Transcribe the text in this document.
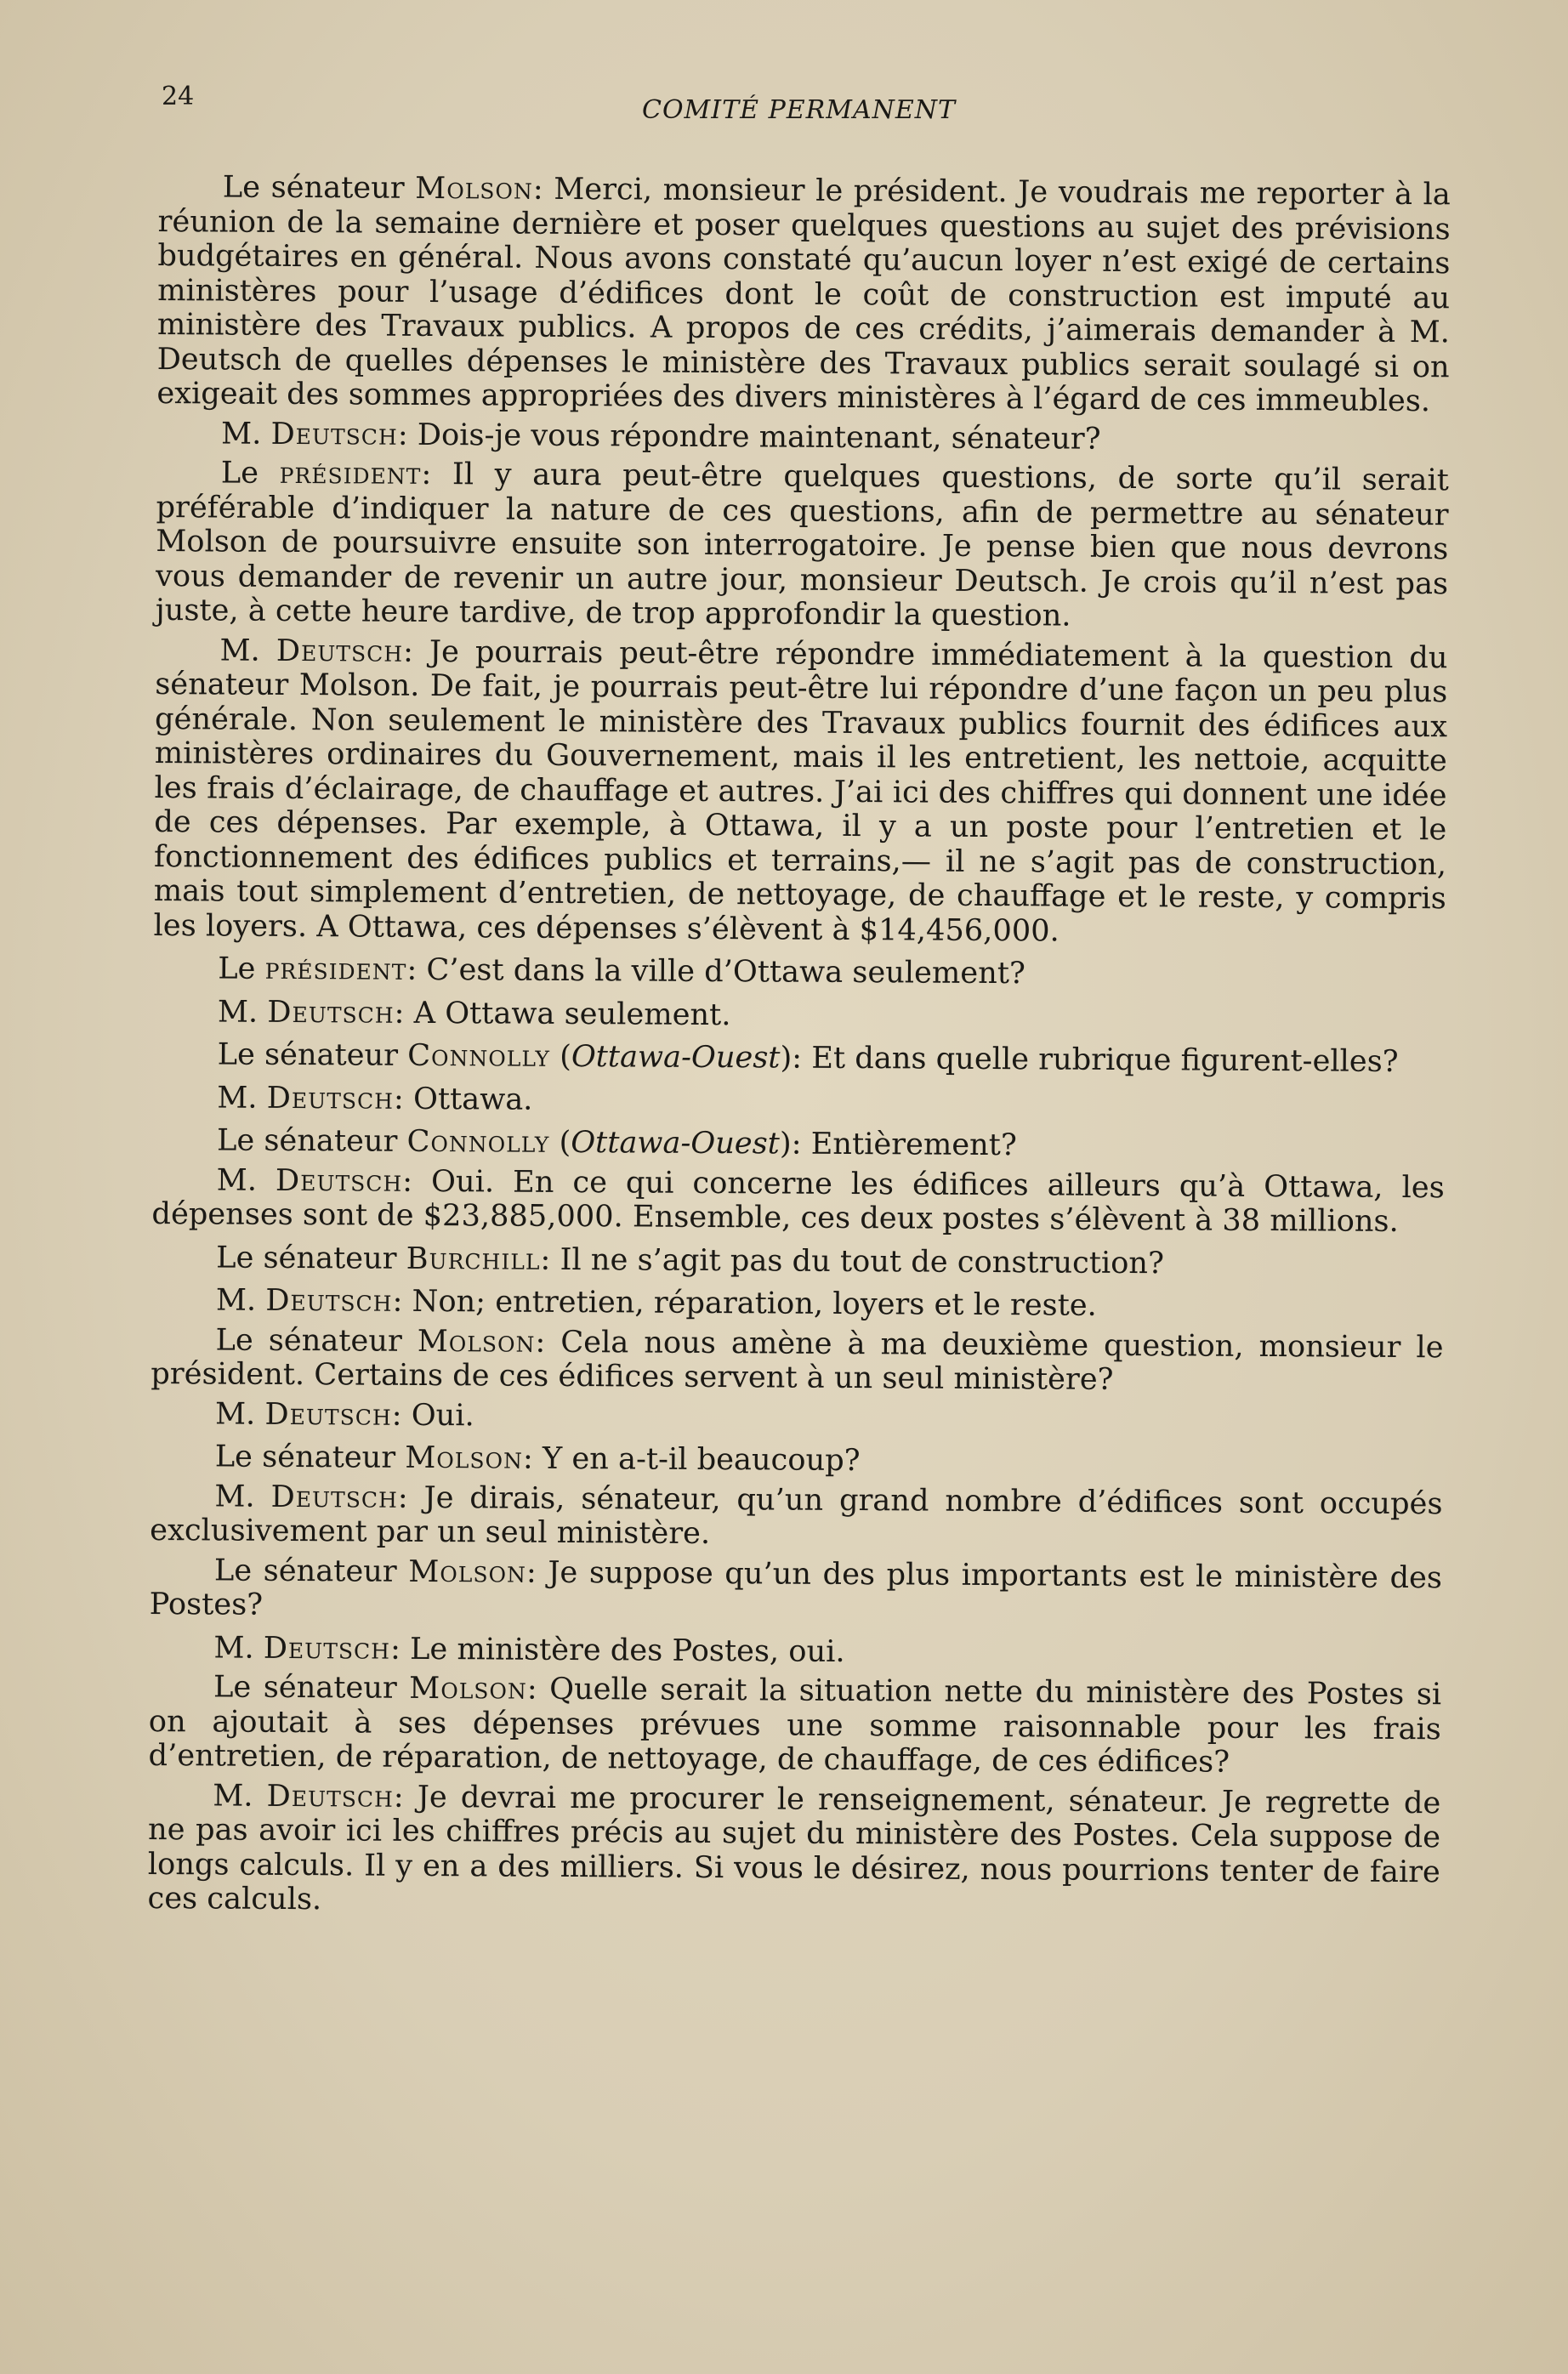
24	COMITÉ PERMANENT

Le sénateur Molson: Merci, monsieur le président. Je voudrais me reporter à la réunion de la semaine dernière et poser quelques questions au sujet des prévisions budgétaires en général. Nous avons constaté qu’aucun loyer n’est exigé de certains ministères pour l’usage d’édifices dont le coût de construction est imputé au ministère des Travaux publics. A propos de ces crédits, j’aimerais demander à M. Deutsch de quelles dépenses le ministère des Travaux publics serait soulagé si on exigeait des sommes appropriées des divers ministères à l’égard de ces immeubles.

M. Deutsch: Dois-je vous répondre maintenant, sénateur?

Le président: Il y aura peut-être quelques questions, de sorte qu’il serait préférable d’indiquer la nature de ces questions, afin de permettre au sénateur Molson de poursuivre ensuite son interrogatoire. Je pense bien que nous devrons vous demander de revenir un autre jour, monsieur Deutsch. Je crois qu’il n’est pas juste, à cette heure tardive, de trop approfondir la question.

M. Deutsch: Je pourrais peut-être répondre immédiatement à la question du sénateur Molson. De fait, je pourrais peut-être lui répondre d’une façon un peu plus générale. Non seulement le ministère des Travaux publics fournit des édifices aux ministères ordinaires du Gouvernement, mais il les entretient, les nettoie, acquitte les frais d’éclairage, de chauffage et autres. J’ai ici des chiffres qui donnent une idée de ces dépenses. Par exemple, à Ottawa, il y a un poste pour l’entretien et le fonctionnement des édifices publics et terrains,— il ne s’agit pas de construction, mais tout simplement d’entretien, de nettoyage, de chauffage et le reste, y compris les loyers. A Ottawa, ces dépenses s’élèvent à $14,456,000.

Le président: C’est dans la ville d’Ottawa seulement?

M. Deutsch: A Ottawa seulement.

Le sénateur Connolly (Ottawa-Ouest): Et dans quelle rubrique figurent-elles?

M. Deutsch: Ottawa.

Le sénateur Connolly (Ottawa-Ouest): Entièrement?

M. Deutsch: Oui. En ce qui concerne les édifices ailleurs qu’à Ottawa, les dépenses sont de $23,885,000. Ensemble, ces deux postes s’élèvent à 38 millions.

Le sénateur Burchill: Il ne s’agit pas du tout de construction?

M. Deutsch: Non; entretien, réparation, loyers et le reste.

Le sénateur Molson: Cela nous amène à ma deuxième question, monsieur le président. Certains de ces édifices servent à un seul ministère?

M. Deutsch: Oui.

Le sénateur Molson: Y en a-t-il beaucoup?

M. Deutsch: Je dirais, sénateur, qu’un grand nombre d’édifices sont occupés exclusivement par un seul ministère.

Le sénateur Molson: Je suppose qu’un des plus importants est le ministère des Postes?

M. Deutsch: Le ministère des Postes, oui.

Le sénateur Molson: Quelle serait la situation nette du ministère des Postes si on ajoutait à ses dépenses prévues une somme raisonnable pour les frais d’entretien, de réparation, de nettoyage, de chauffage, de ces édifices?

M. Deutsch: Je devrai me procurer le renseignement, sénateur. Je regrette de ne pas avoir ici les chiffres précis au sujet du ministère des Postes. Cela suppose de longs calculs. Il y en a des milliers. Si vous le désirez, nous pourrions tenter de faire ces calculs.
